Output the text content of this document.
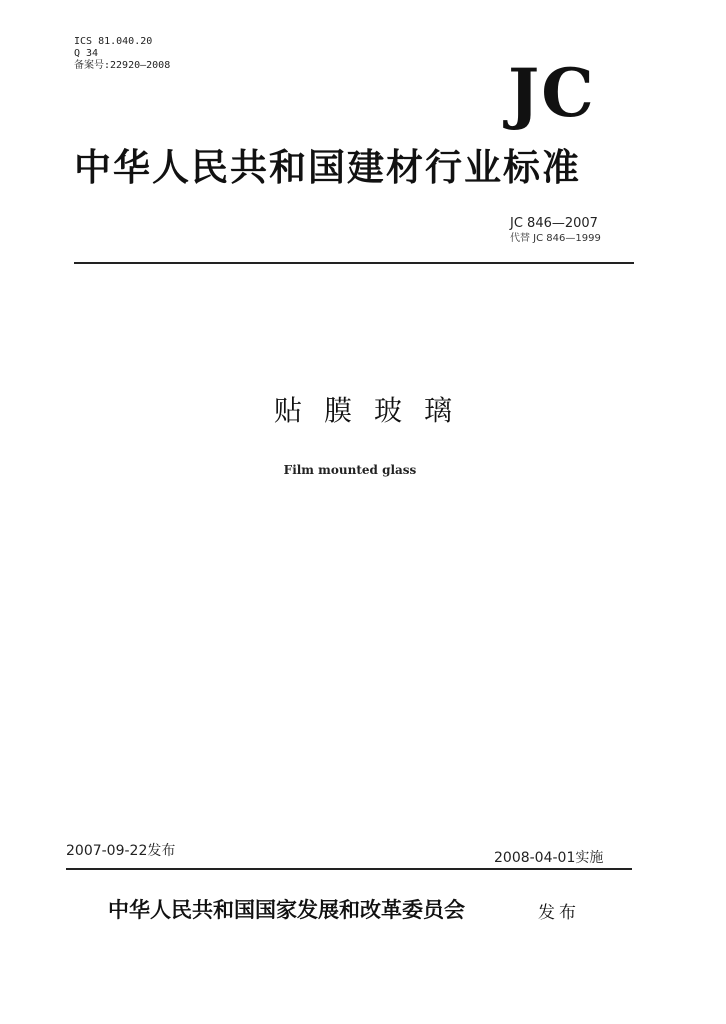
ICS 81.040.20
Q 34
备案号:22920—2008	JC
中华人民共和国建材行业标准
JC 846—2007
代替 JC 846—1999
贴膜玻璃
Film mounted glass
2007-09-22发布	2008-04-01实施
中华人民共和国国家发展和改革委员会	发布
